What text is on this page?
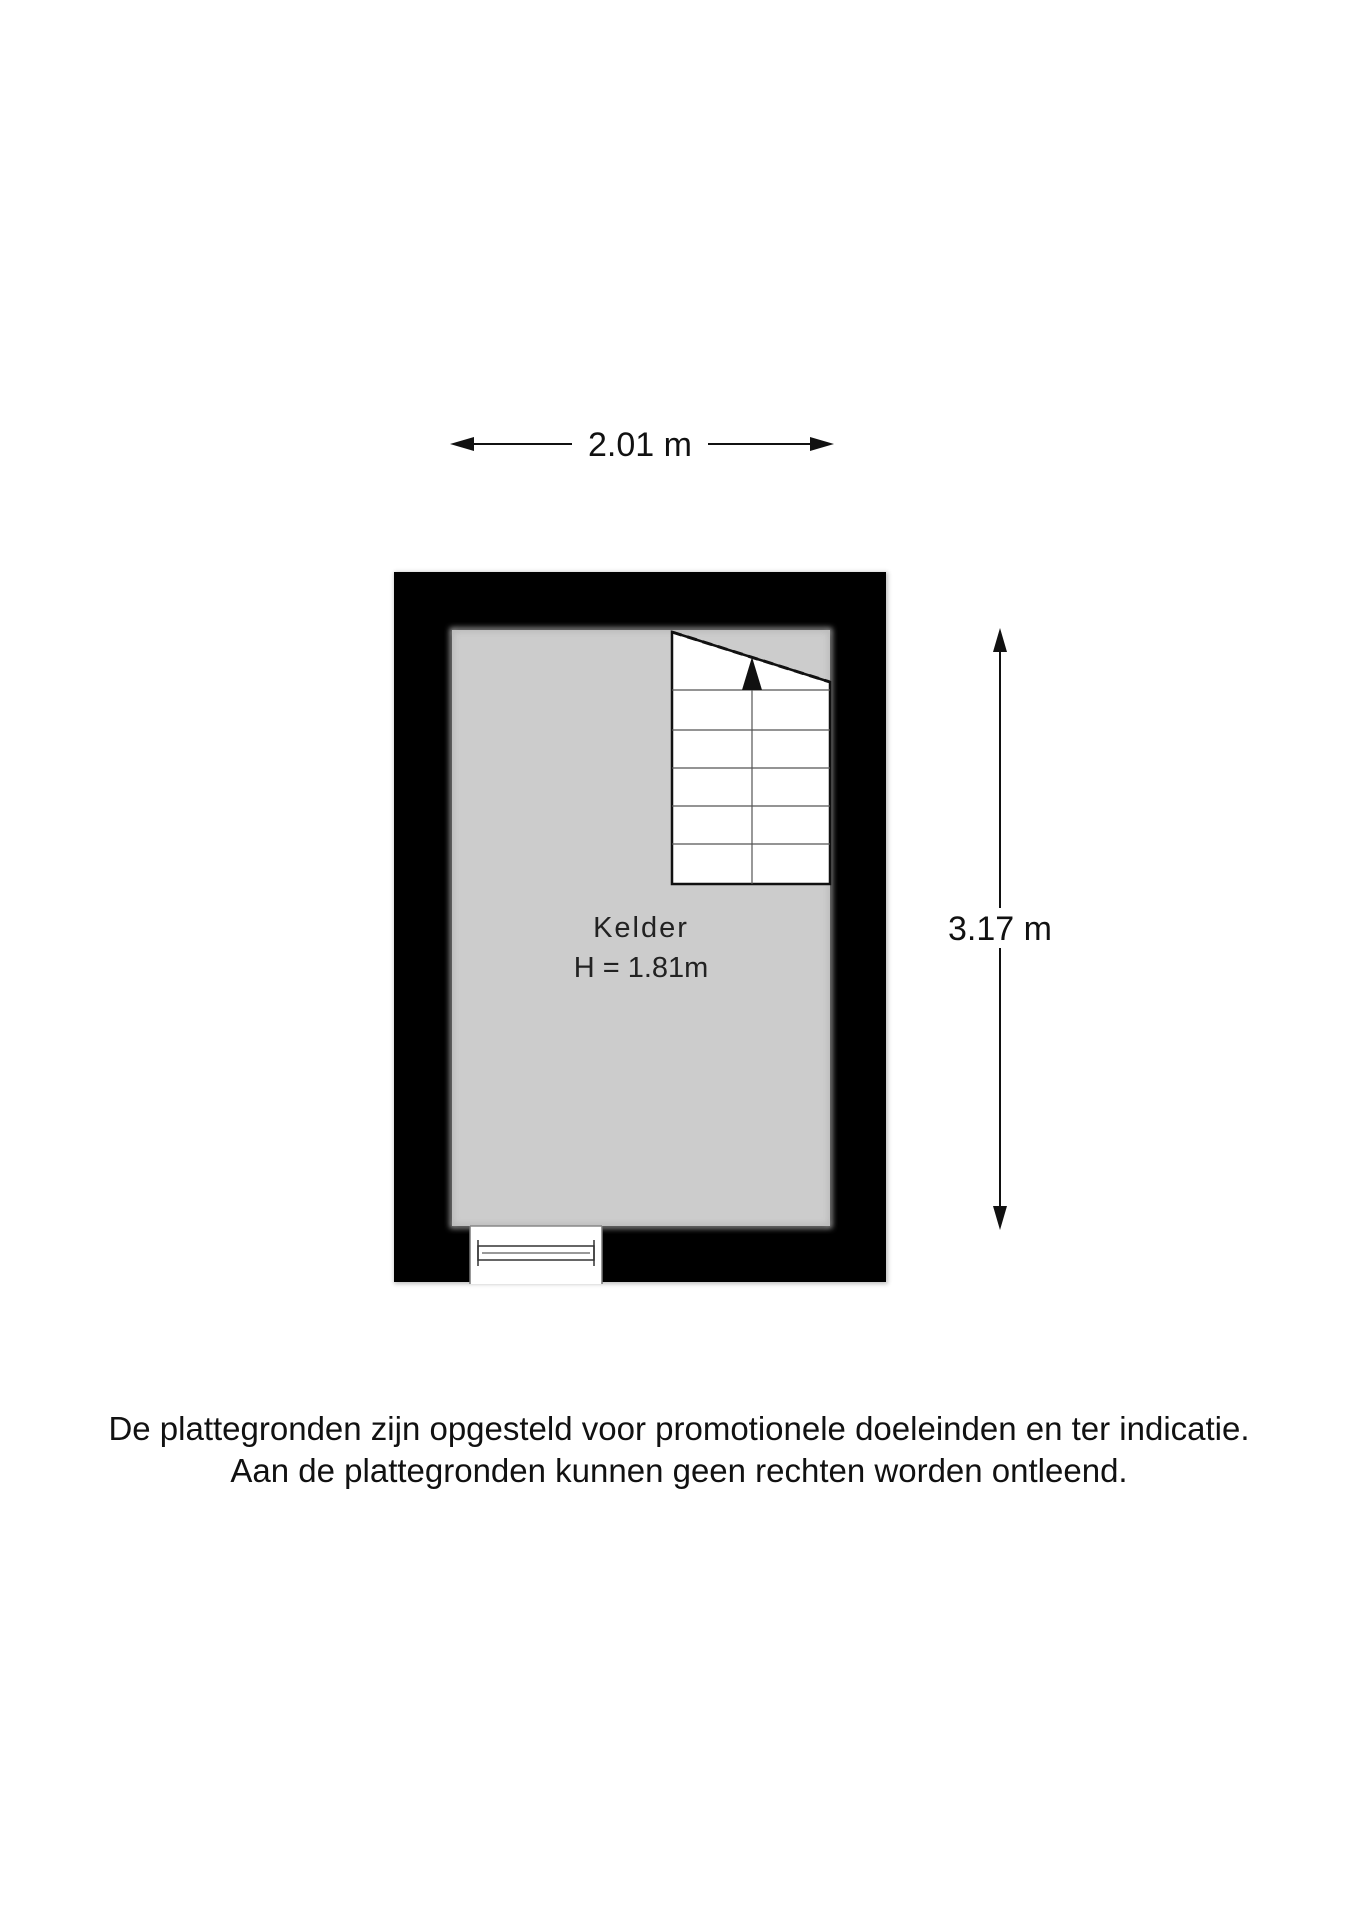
2.01 m
3.17 m
Kelder
H = 1.81m
De plattegronden zijn opgesteld voor promotionele doeleinden en ter indicatie.
Aan de plattegronden kunnen geen rechten worden ontleend.
